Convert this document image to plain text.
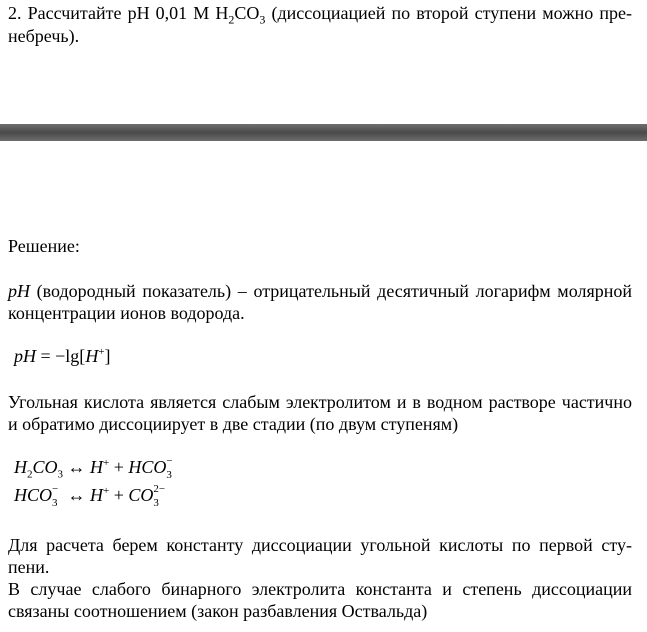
2. Рассчитайте pH 0,01 M $H_2CO_3$ (диссоциацией по второй ступени можно пре-небречь).

Решение:

pH (водородный показатель) – отрицательный десятичный логарифм молярной концентрации ионов водорода.

pH = −lg[H+]

Угольная кислота является слабым электролитом и в водном растворе частично и обратимо диссоциирует в две стадии (по двум ступеням)

$H_2CO_3$ ↔ H+ + HCO −
3
HCO −
3 ↔ H+ + CO 2−
3

Для расчета берем константу диссоциации угольной кислоты по первой сту-пени.

В случае слабого бинарного электролита константа и степень диссоциации связаны соотношением (закон разбавления Оствальда)
